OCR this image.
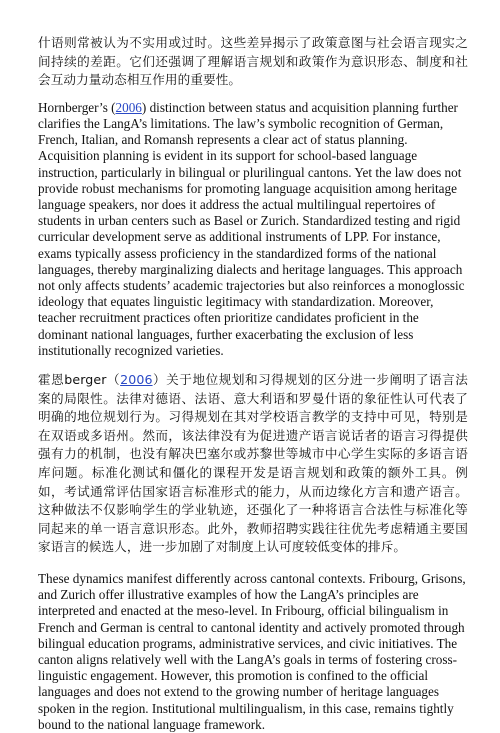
什语则常被认为不实用或过时。这些差异揭示了政策意图与社会语言现实之间持续的差距。它们还强调了理解语言规划和政策作为意识形态、制度和社会互动力量动态相互作用的重要性。

Hornberger’s (2006) distinction between status and acquisition planning further clarifies the LangA’s limitations. The law’s symbolic recognition of German, French, Italian, and Romansh represents a clear act of status planning. Acquisition planning is evident in its support for school-based language instruction, particularly in bilingual or plurilingual cantons. Yet the law does not provide robust mechanisms for promoting language acquisition among heritage language speakers, nor does it address the actual multilingual repertoires of students in urban centers such as Basel or Zurich. Standardized testing and rigid curricular development serve as additional instruments of LPP. For instance, exams typically assess proficiency in the standardized forms of the national languages, thereby marginalizing dialects and heritage languages. This approach not only affects students’ academic trajectories but also reinforces a monoglossic ideology that equates linguistic legitimacy with standardization. Moreover, teacher recruitment practices often prioritize candidates proficient in the dominant national languages, further exacerbating the exclusion of less institutionally recognized varieties.

霍恩berger（2006）关于地位规划和习得规划的区分进一步阐明了语言法案的局限性。法律对德语、法语、意大利语和罗曼什语的象征性认可代表了明确的地位规划行为。习得规划在其对学校语言教学的支持中可见，特别是在双语或多语州。然而，该法律没有为促进遗产语言说话者的语言习得提供强有力的机制，也没有解决巴塞尔或苏黎世等城市中心学生实际的多语言语库问题。标准化测试和僵化的课程开发是语言规划和政策的额外工具。例如，考试通常评估国家语言标准形式的能力，从而边缘化方言和遗产语言。这种做法不仅影响学生的学业轨迹，还强化了一种将语言合法性与标准化等同起来的单一语言意识形态。此外，教师招聘实践往往优先考虑精通主要国家语言的候选人，进一步加剧了对制度上认可度较低变体的排斥。

These dynamics manifest differently across cantonal contexts. Fribourg, Grisons, and Zurich offer illustrative examples of how the LangA’s principles are interpreted and enacted at the meso-level. In Fribourg, official bilingualism in French and German is central to cantonal identity and actively promoted through bilingual education programs, administrative services, and civic initiatives. The canton aligns relatively well with the LangA’s goals in terms of fostering cross-linguistic engagement. However, this promotion is confined to the official languages and does not extend to the growing number of heritage languages spoken in the region. Institutional multilingualism, in this case, remains tightly bound to the national language framework.
